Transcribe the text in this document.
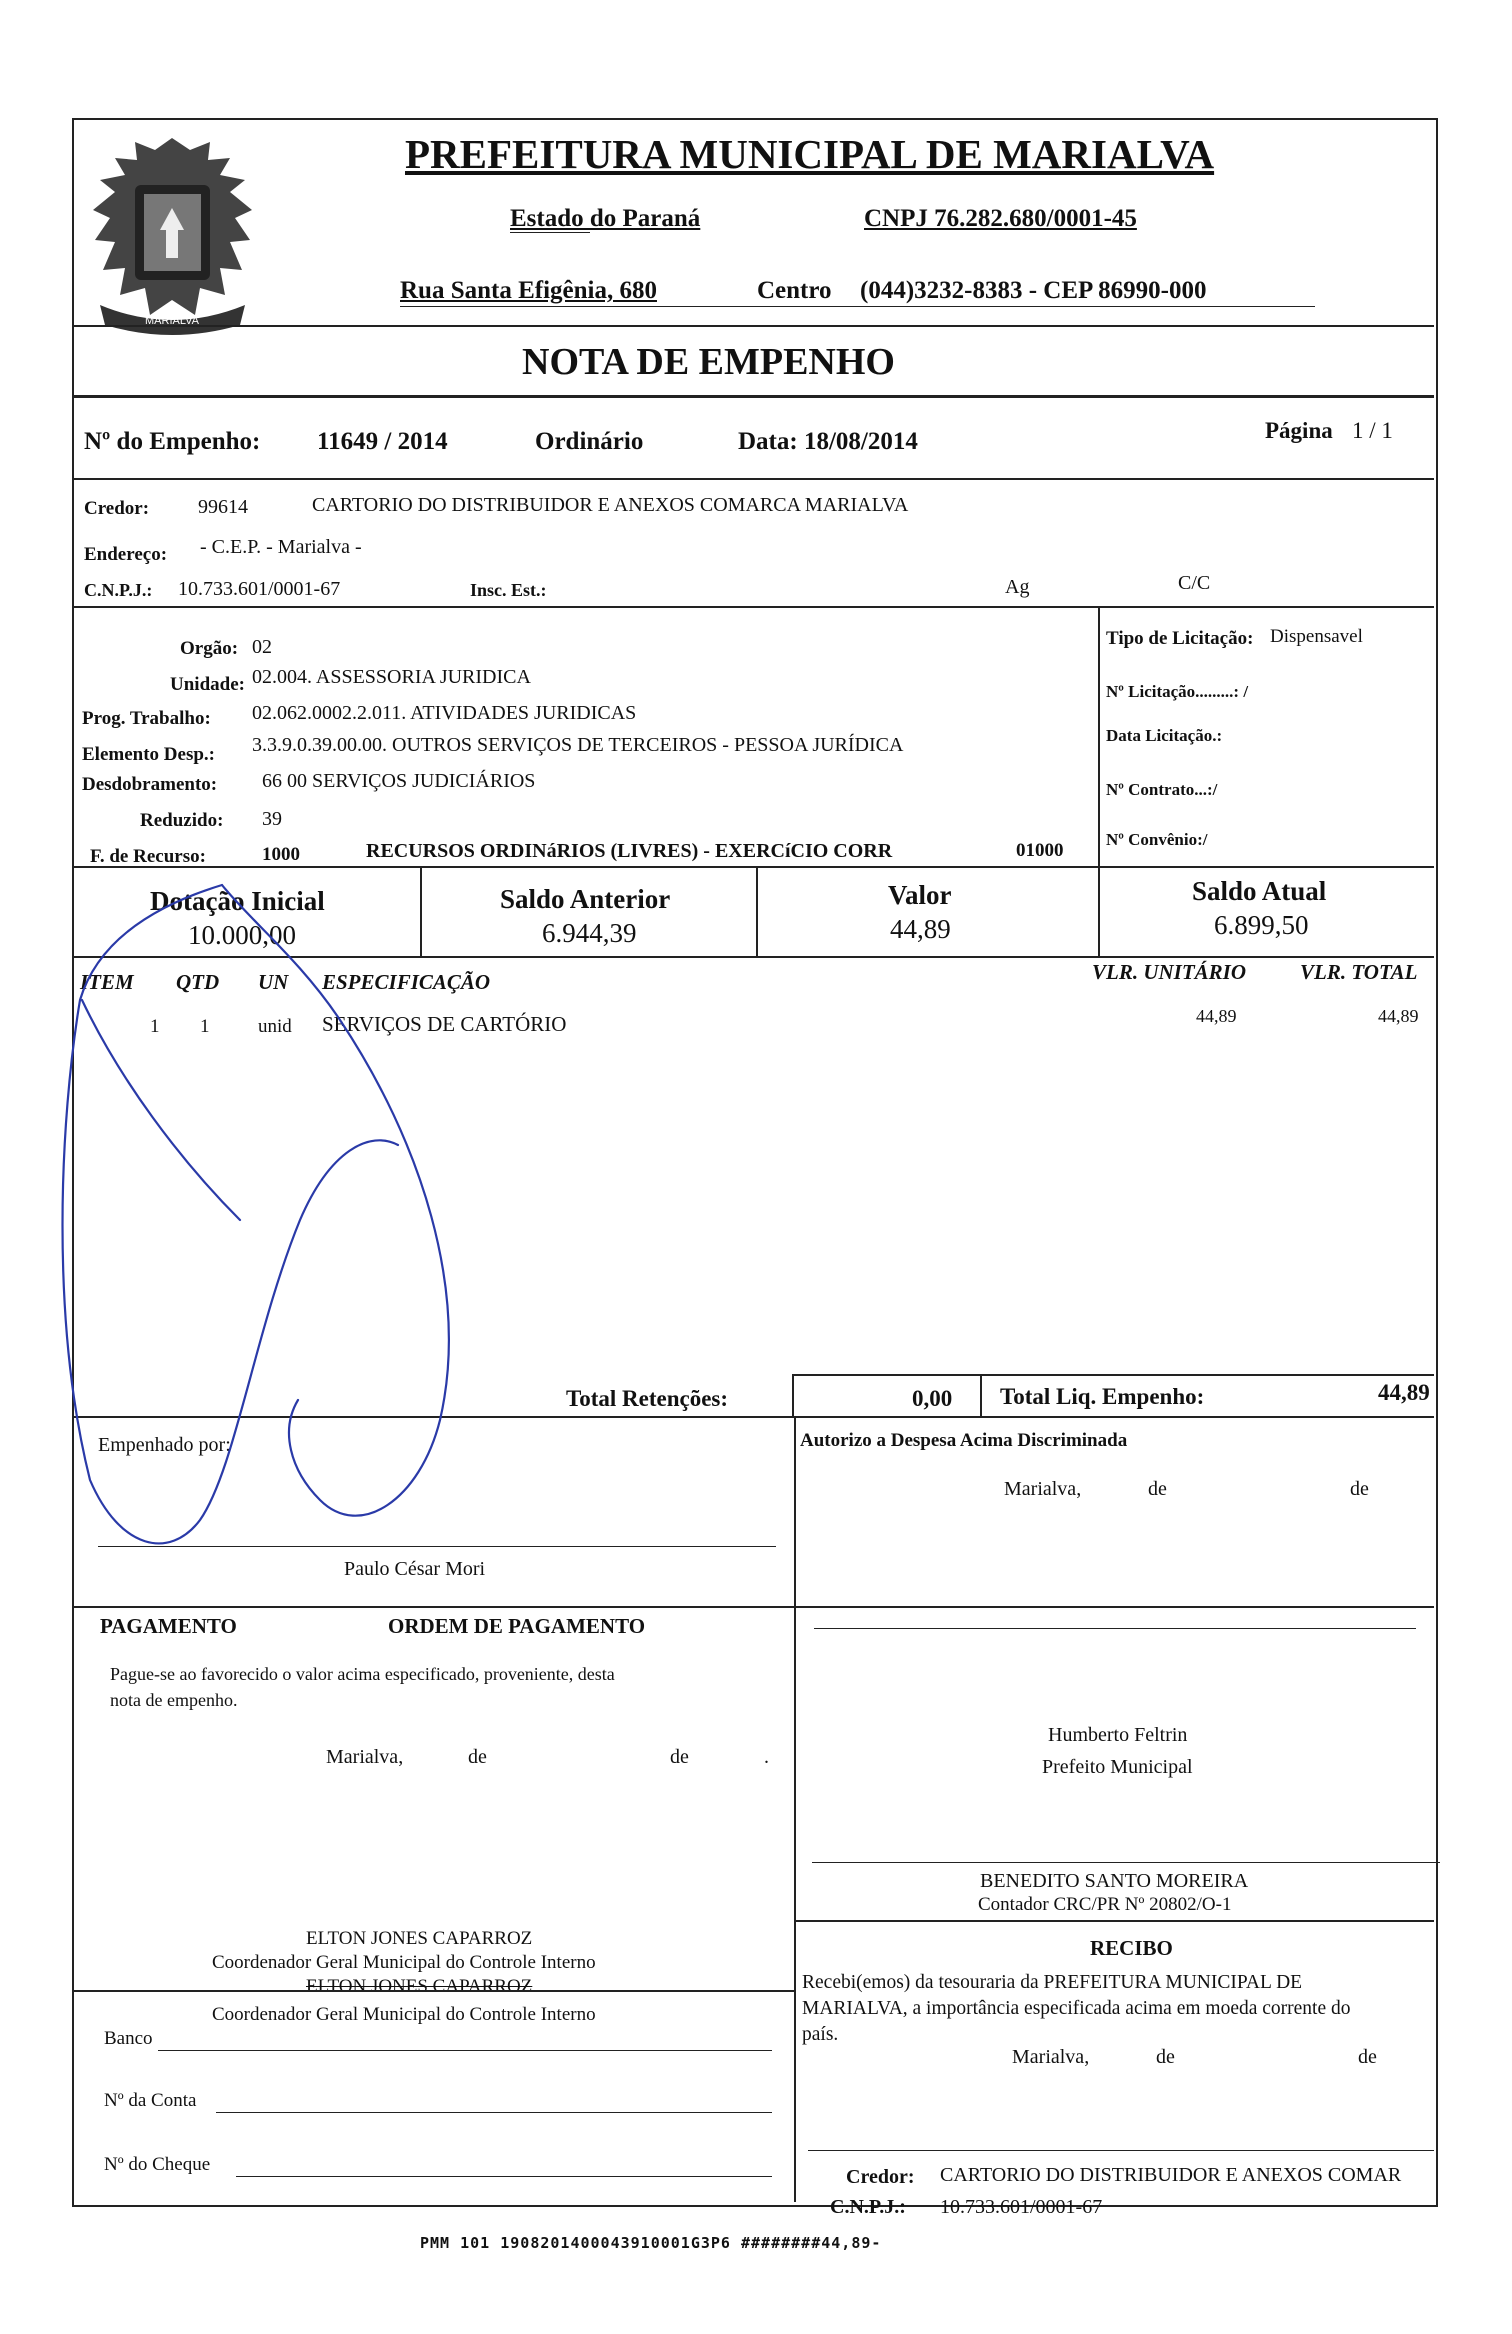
MARIALVA
PREFEITURA MUNICIPAL DE MARIALVA
Estado do Paraná	CNPJ 76.282.680/0001-45
Rua Santa Efigênia, 680	Centro (044)3232-8383 - CEP 86990-000
NOTA DE EMPENHO
Nº do Empenho: 11649 / 2014	Ordinário	Data: 18/08/2014	Página 1 / 1
Credor: 99614	CARTORIO DO DISTRIBUIDOR E ANEXOS COMARCA MARIALVA
Endereço: - C.E.P. - Marialva -
C.N.P.J.: 10.733.601/0001-67	Insc. Est.:	Ag	C/C
Orgão: 02
Unidade: 02.004. ASSESSORIA JURIDICA
Prog. Trabalho: 02.062.0002.2.011. ATIVIDADES JURIDICAS
Elemento Desp.: 3.3.9.0.39.00.00. OUTROS SERVIÇOS DE TERCEIROS - PESSOA JURÍDICA
Desdobramento: 66 00 SERVIÇOS JUDICIÁRIOS
Reduzido: 39
F. de Recurso:	1000	RECURSOS ORDINáRIOS (LIVRES) - EXERCíCIO CORR	01000
Tipo de Licitação: Dispensavel
Nº Licitação.........: /
Data Licitação.:
Nº Contrato...:/
Nº Convênio:/
Dotação Inicial
10.000,00
Saldo Anterior
6.944,39
Valor
44,89
Saldo Atual
6.899,50
ITEM QTD UN ESPECIFICAÇÃO	VLR. UNITÁRIO	VLR. TOTAL
1 1	unid SERVIÇOS DE CARTÓRIO	44,89	44,89
Total Retenções:	0,00 Total Liq. Empenho:	44,89
Empenhado por:
Paulo César Mori
Autorizo a Despesa Acima Discriminada
Marialva,	de	de
PAGAMENTO	ORDEM DE PAGAMENTO
Pague-se ao favorecido o valor acima especificado, proveniente, desta
nota de empenho.
Marialva,	de	de	.
Humberto Feltrin
Prefeito Municipal
BENEDITO SANTO MOREIRA
Contador CRC/PR Nº 20802/O-1
ELTON JONES CAPARROZ
Coordenador Geral Municipal do Controle Interno
ELTON JONES CAPARROZ
Coordenador Geral Municipal do Controle Interno
Banco
Nº da Conta
Nº do Cheque
RECIBO
Recebi(emos) da tesouraria da PREFEITURA MUNICIPAL DE
MARIALVA, a importância especificada acima em moeda corrente do
país.
Marialva,	de	de
Credor: CARTORIO DO DISTRIBUIDOR E ANEXOS COMAR
C.N.P.J.: 10.733.601/0001-67
PMM 101 1908201400043910001G3P6 ########44,89-
